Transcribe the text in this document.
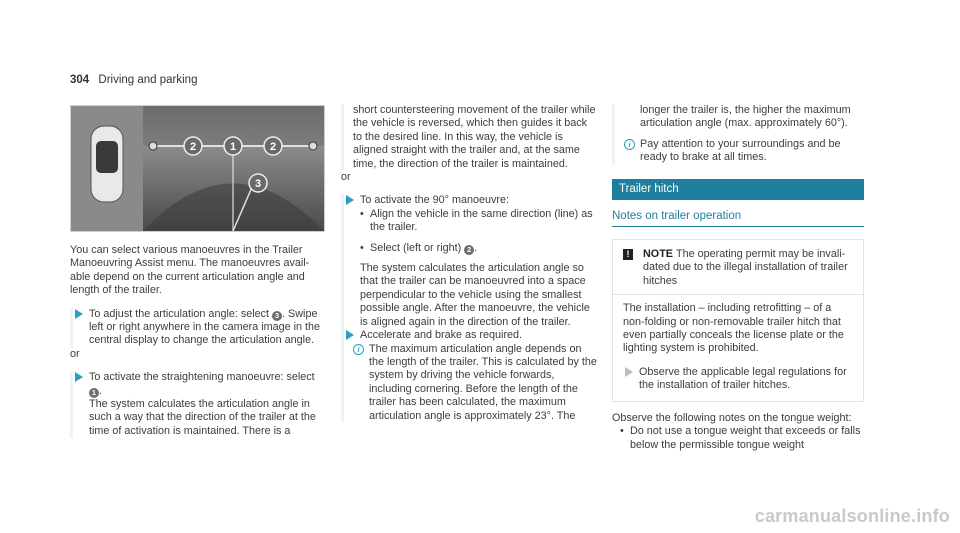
304 Driving and parking
2	1	2
3

You can select various manoeuvres in the Trailer Manoeuvring Assist menu. The manoeuvres avail- able depend on the current articulation angle and length of the trailer.

To adjust the articulation angle: select 3 . Swipe left or right anywhere in the camera image in the central display to change the articulation angle.

or

To activate the straightening manoeuvre: select 1 .

The system calculates the articulation angle in such a way that the direction of the trailer at the time of activation is maintained. There is a

short countersteering movement of the trailer while the vehicle is reversed, which then guides it back to the desired line. In this way, the vehicle is aligned straight with the trailer and, at the same time, the direction of the trailer is maintained.

or

To activate the 90° manoeuvre:

• Align the vehicle in the same direction (line) as the trailer.

• Select (left or right) 2 .

The system calculates the articulation angle so that the trailer can be manoeuvred into a space perpendicular to the vehicle using the smallest possible angle. After the manoeuvre, the vehicle is aligned again in the direction of the trailer.

Accelerate and brake as required.

i The maximum articulation angle depends on the length of the trailer. This is calculated by the system by driving the vehicle forwards, including cornering. Before the length of the trailer has been calculated, the maximum articulation angle is approximately 23°. The

longer the trailer is, the higher the maximum articulation angle (max. approximately 60°).

i Pay attention to your surroundings and be ready to brake at all times.

Trailer hitch
Notes on trailer operation
!	NOTE The operating permit may be invali- dated due to the illegal installation of trailer hitches

The installation – including retrofitting – of a non-folding or non-removable trailer hitch that even partially conceals the license plate or the lighting system is prohibited.

Observe the applicable legal regulations for the installation of trailer hitches.

Observe the following notes on the tongue weight:

• Do not use a tongue weight that exceeds or falls below the permissible tongue weight

carmanualsonline.info
